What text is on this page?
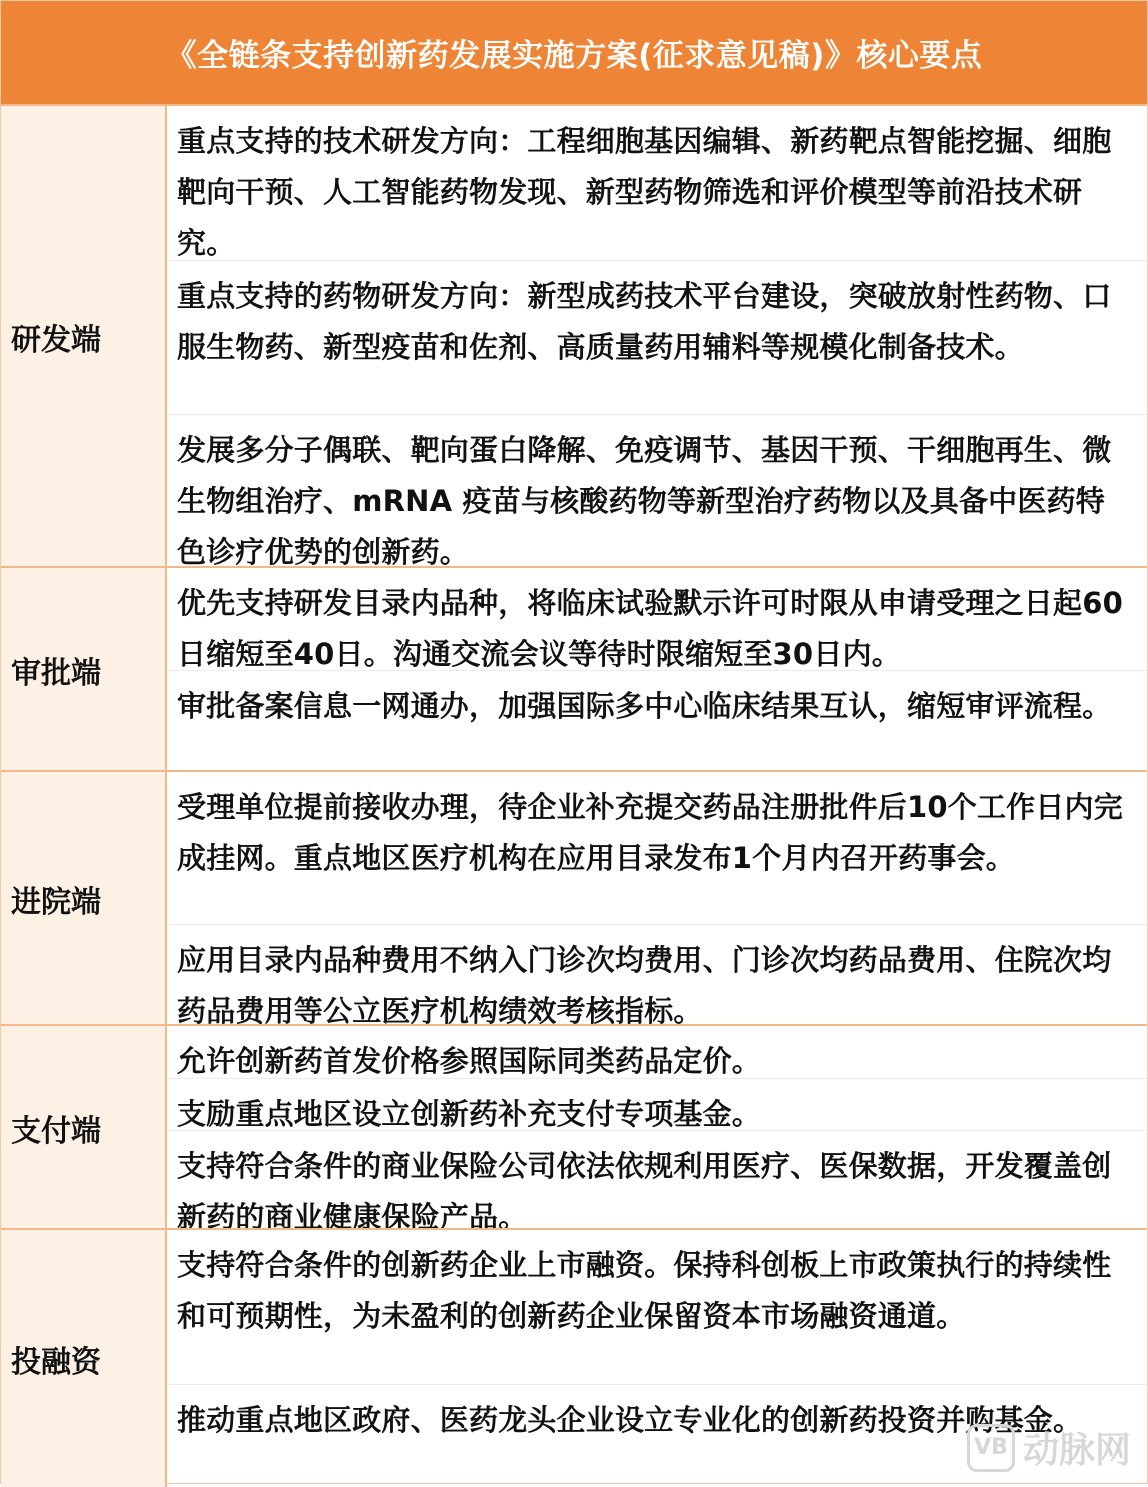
《全链条支持创新药发展实施方案(征求意见稿)》核心要点
研发端
重点支持的技术研发方向：工程细胞基因编辑、新药靶点智能挖掘、细胞靶向干预、人工智能药物发现、新型药物筛选和评价模型等前沿技术研究。
重点支持的药物研发方向：新型成药技术平台建设，突破放射性药物、口服生物药、新型疫苗和佐剂、高质量药用辅料等规模化制备技术。
发展多分子偶联、靶向蛋白降解、免疫调节、基因干预、干细胞再生、微生物组治疗、mRNA 疫苗与核酸药物等新型治疗药物以及具备中医药特色诊疗优势的创新药。
审批端
优先支持研发目录内品种，将临床试验默示许可时限从申请受理之日起60日缩短至40日。沟通交流会议等待时限缩短至30日内。
审批备案信息一网通办，加强国际多中心临床结果互认，缩短审评流程。
进院端
受理单位提前接收办理，待企业补充提交药品注册批件后10个工作日内完成挂网。重点地区医疗机构在应用目录发布1个月内召开药事会。
应用目录内品种费用不纳入门诊次均费用、门诊次均药品费用、住院次均药品费用等公立医疗机构绩效考核指标。
支付端
允许创新药首发价格参照国际同类药品定价。
支励重点地区设立创新药补充支付专项基金。
支持符合条件的商业保险公司依法依规利用医疗、医保数据，开发覆盖创新药的商业健康保险产品。
投融资
支持符合条件的创新药企业上市融资。保持科创板上市政策执行的持续性和可预期性，为未盈利的创新药企业保留资本市场融资通道。
推动重点地区政府、医药龙头企业设立专业化的创新药投资并购基金。
VB 动脉网
